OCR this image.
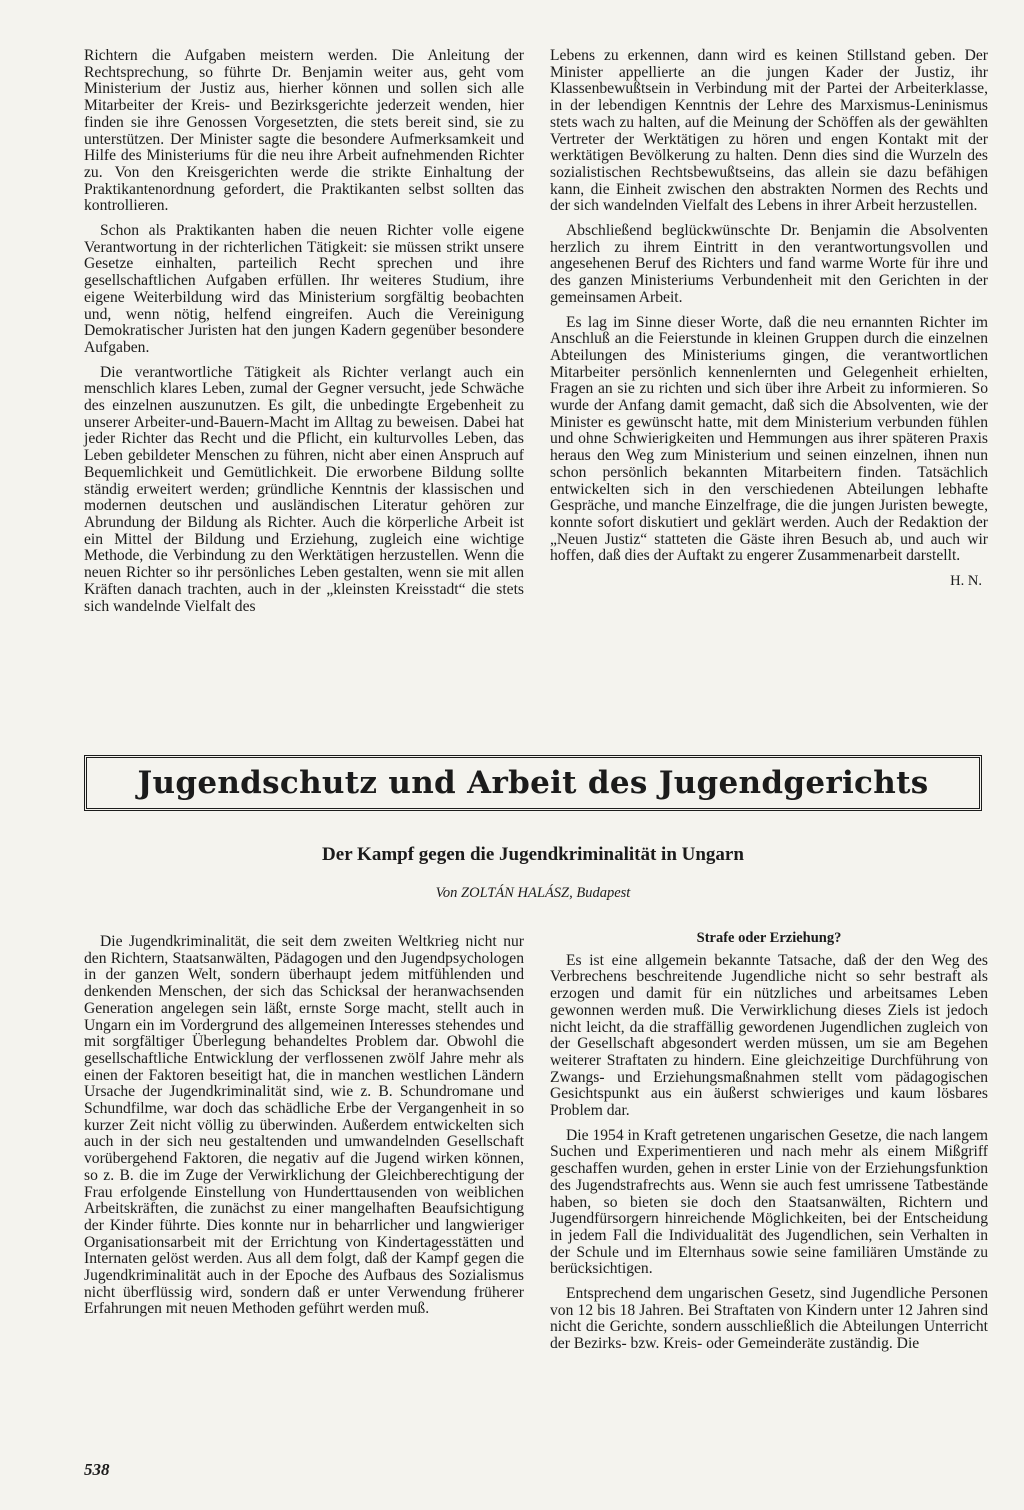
Richtern die Aufgaben meistern werden. Die Anleitung der Rechtsprechung, so führte Dr. Benjamin weiter aus, geht vom Ministerium der Justiz aus, hierher können und sollen sich alle Mitarbeiter der Kreis- und Bezirksgerichte jederzeit wenden, hier finden sie ihre Genossen Vorgesetzten, die stets bereit sind, sie zu unterstützen. Der Minister sagte die besondere Aufmerksamkeit und Hilfe des Ministeriums für die neu ihre Arbeit aufnehmenden Richter zu. Von den Kreisgerichten werde die strikte Einhaltung der Praktikantenordnung gefordert, die Praktikanten selbst sollten das kontrollieren.

Schon als Praktikanten haben die neuen Richter volle eigene Verantwortung in der richterlichen Tätigkeit: sie müssen strikt unsere Gesetze einhalten, parteilich Recht sprechen und ihre gesellschaftlichen Aufgaben erfüllen. Ihr weiteres Studium, ihre eigene Weiterbildung wird das Ministerium sorgfältig beobachten und, wenn nötig, helfend eingreifen. Auch die Vereinigung Demokratischer Juristen hat den jungen Kadern gegenüber besondere Aufgaben.

Die verantwortliche Tätigkeit als Richter verlangt auch ein menschlich klares Leben, zumal der Gegner versucht, jede Schwäche des einzelnen auszunutzen. Es gilt, die unbedingte Ergebenheit zu unserer Arbeiter-und-Bauern-Macht im Alltag zu beweisen. Dabei hat jeder Richter das Recht und die Pflicht, ein kulturvolles Leben, das Leben gebildeter Menschen zu führen, nicht aber einen Anspruch auf Bequemlichkeit und Gemütlichkeit. Die erworbene Bildung sollte ständig erweitert werden; gründliche Kenntnis der klassischen und modernen deutschen und ausländischen Literatur gehören zur Abrundung der Bildung als Richter. Auch die körperliche Arbeit ist ein Mittel der Bildung und Erziehung, zugleich eine wichtige Methode, die Verbindung zu den Werktätigen herzustellen. Wenn die neuen Richter so ihr persönliches Leben gestalten, wenn sie mit allen Kräften danach trachten, auch in der „kleinsten Kreisstadt“ die stets sich wandelnde Vielfalt des

Lebens zu erkennen, dann wird es keinen Stillstand geben. Der Minister appellierte an die jungen Kader der Justiz, ihr Klassenbewußtsein in Verbindung mit der Partei der Arbeiterklasse, in der lebendigen Kenntnis der Lehre des Marxismus-Leninismus stets wach zu halten, auf die Meinung der Schöffen als der gewählten Vertreter der Werktätigen zu hören und engen Kontakt mit der werktätigen Bevölkerung zu halten. Denn dies sind die Wurzeln des sozialistischen Rechtsbewußtseins, das allein sie dazu befähigen kann, die Einheit zwischen den abstrakten Normen des Rechts und der sich wandelnden Vielfalt des Lebens in ihrer Arbeit herzustellen.

Abschließend beglückwünschte Dr. Benjamin die Absolventen herzlich zu ihrem Eintritt in den verantwortungsvollen und angesehenen Beruf des Richters und fand warme Worte für ihre und des ganzen Ministeriums Verbundenheit mit den Gerichten in der gemeinsamen Arbeit.

Es lag im Sinne dieser Worte, daß die neu ernannten Richter im Anschluß an die Feierstunde in kleinen Gruppen durch die einzelnen Abteilungen des Ministeriums gingen, die verantwortlichen Mitarbeiter persönlich kennenlernten und Gelegenheit erhielten, Fragen an sie zu richten und sich über ihre Arbeit zu informieren. So wurde der Anfang damit gemacht, daß sich die Absolventen, wie der Minister es gewünscht hatte, mit dem Ministerium verbunden fühlen und ohne Schwierigkeiten und Hemmungen aus ihrer späteren Praxis heraus den Weg zum Ministerium und seinen einzelnen, ihnen nun schon persönlich bekannten Mitarbeitern finden. Tatsächlich entwickelten sich in den verschiedenen Abteilungen lebhafte Gespräche, und manche Einzelfrage, die die jungen Juristen bewegte, konnte sofort diskutiert und geklärt werden. Auch der Redaktion der „Neuen Justiz“ statteten die Gäste ihren Besuch ab, und auch wir hoffen, daß dies der Auftakt zu engerer Zusammenarbeit darstellt.

H. N.
Jugendschutz und Arbeit des Jugendgerichts
Der Kampf gegen die Jugendkriminalität in Ungarn
Von ZOLTÁN HALÁSZ, Budapest

Die Jugendkriminalität, die seit dem zweiten Weltkrieg nicht nur den Richtern, Staatsanwälten, Pädagogen und den Jugendpsychologen in der ganzen Welt, sondern überhaupt jedem mitfühlenden und denkenden Menschen, der sich das Schicksal der heranwachsenden Generation angelegen sein läßt, ernste Sorge macht, stellt auch in Ungarn ein im Vordergrund des allgemeinen Interesses stehendes und mit sorgfältiger Überlegung behandeltes Problem dar. Obwohl die gesellschaftliche Entwicklung der verflossenen zwölf Jahre mehr als einen der Faktoren beseitigt hat, die in manchen westlichen Ländern Ursache der Jugendkriminalität sind, wie z. B. Schundromane und Schundfilme, war doch das schädliche Erbe der Vergangenheit in so kurzer Zeit nicht völlig zu überwinden. Außerdem entwickelten sich auch in der sich neu gestaltenden und umwandelnden Gesellschaft vorübergehend Faktoren, die negativ auf die Jugend wirken können, so z. B. die im Zuge der Verwirklichung der Gleichberechtigung der Frau erfolgende Einstellung von Hunderttausenden von weiblichen Arbeitskräften, die zunächst zu einer mangelhaften Beaufsichtigung der Kinder führte. Dies konnte nur in beharrlicher und langwieriger Organisationsarbeit mit der Errichtung von Kindertagesstätten und Internaten gelöst werden. Aus all dem folgt, daß der Kampf gegen die Jugendkriminalität auch in der Epoche des Aufbaus des Sozialismus nicht überflüssig wird, sondern daß er unter Verwendung früherer Erfahrungen mit neuen Methoden geführt werden muß.

Strafe oder Erziehung?

Es ist eine allgemein bekannte Tatsache, daß der den Weg des Verbrechens beschreitende Jugendliche nicht so sehr bestraft als erzogen und damit für ein nützliches und arbeitsames Leben gewonnen werden muß. Die Verwirklichung dieses Ziels ist jedoch nicht leicht, da die straffällig gewordenen Jugendlichen zugleich von der Gesellschaft abgesondert werden müssen, um sie am Begehen weiterer Straftaten zu hindern. Eine gleichzeitige Durchführung von Zwangs- und Erziehungsmaßnahmen stellt vom pädagogischen Gesichtspunkt aus ein äußerst schwieriges und kaum lösbares Problem dar.

Die 1954 in Kraft getretenen ungarischen Gesetze, die nach langem Suchen und Experimentieren und nach mehr als einem Mißgriff geschaffen wurden, gehen in erster Linie von der Erziehungsfunktion des Jugendstrafrechts aus. Wenn sie auch fest umrissene Tatbestände haben, so bieten sie doch den Staatsanwälten, Richtern und Jugendfürsorgern hinreichende Möglichkeiten, bei der Entscheidung in jedem Fall die Individualität des Jugendlichen, sein Verhalten in der Schule und im Elternhaus sowie seine familiären Umstände zu berücksichtigen.

Entsprechend dem ungarischen Gesetz, sind Jugendliche Personen von 12 bis 18 Jahren. Bei Straftaten von Kindern unter 12 Jahren sind nicht die Gerichte, sondern ausschließlich die Abteilungen Unterricht der Bezirks- bzw. Kreis- oder Gemeinderäte zuständig. Die

538
